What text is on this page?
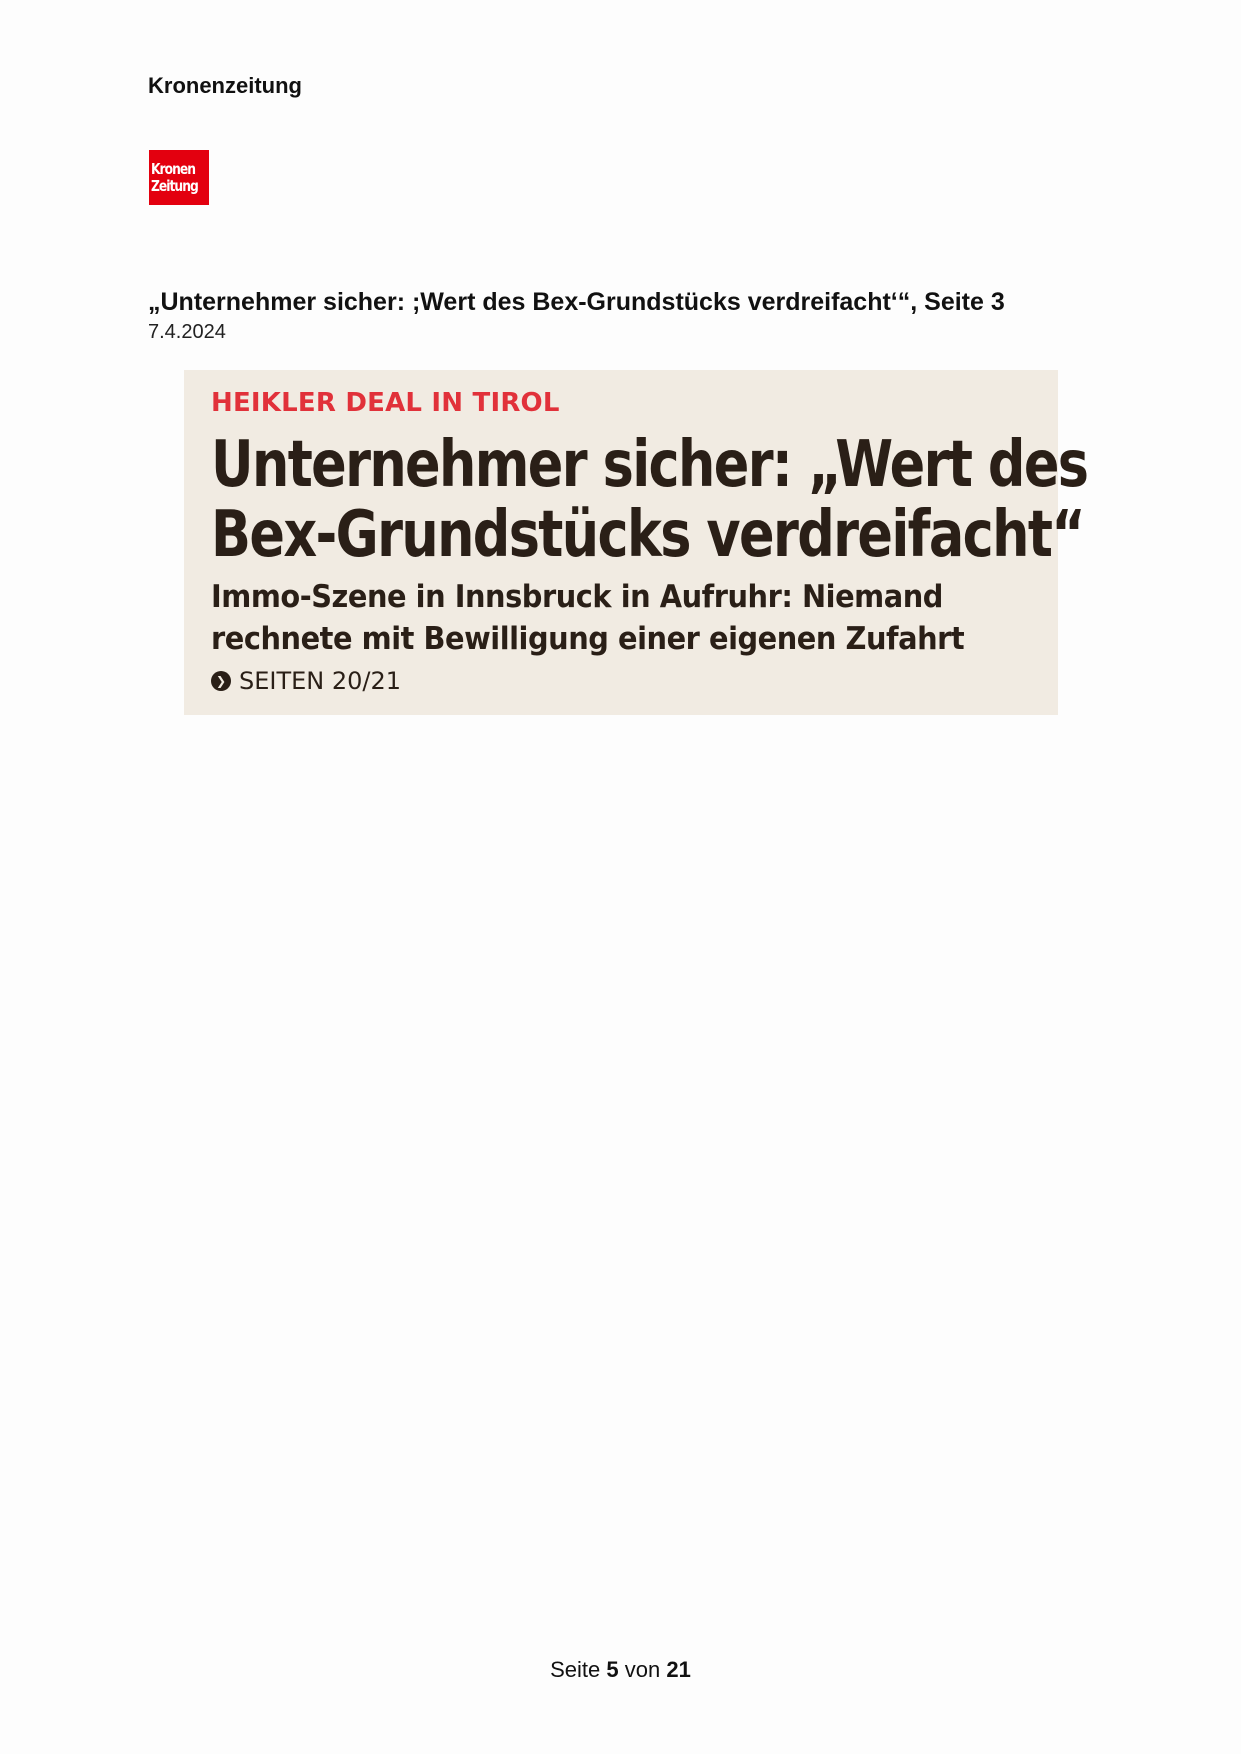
Kronenzeitung
Kronen
Zeitung
„Unternehmer sicher: ;Wert des Bex-Grundstücks verdreifacht‘“, Seite 3
7.4.2024
HEIKLER DEAL IN TIROL
Unternehmer sicher: „Wert des
Bex-Grundstücks verdreifacht“
Immo-Szene in Innsbruck in Aufruhr: Niemand
rechnete mit Bewilligung einer eigenen Zufahrt
❯ SEITEN 20/21
Seite 5 von 21
